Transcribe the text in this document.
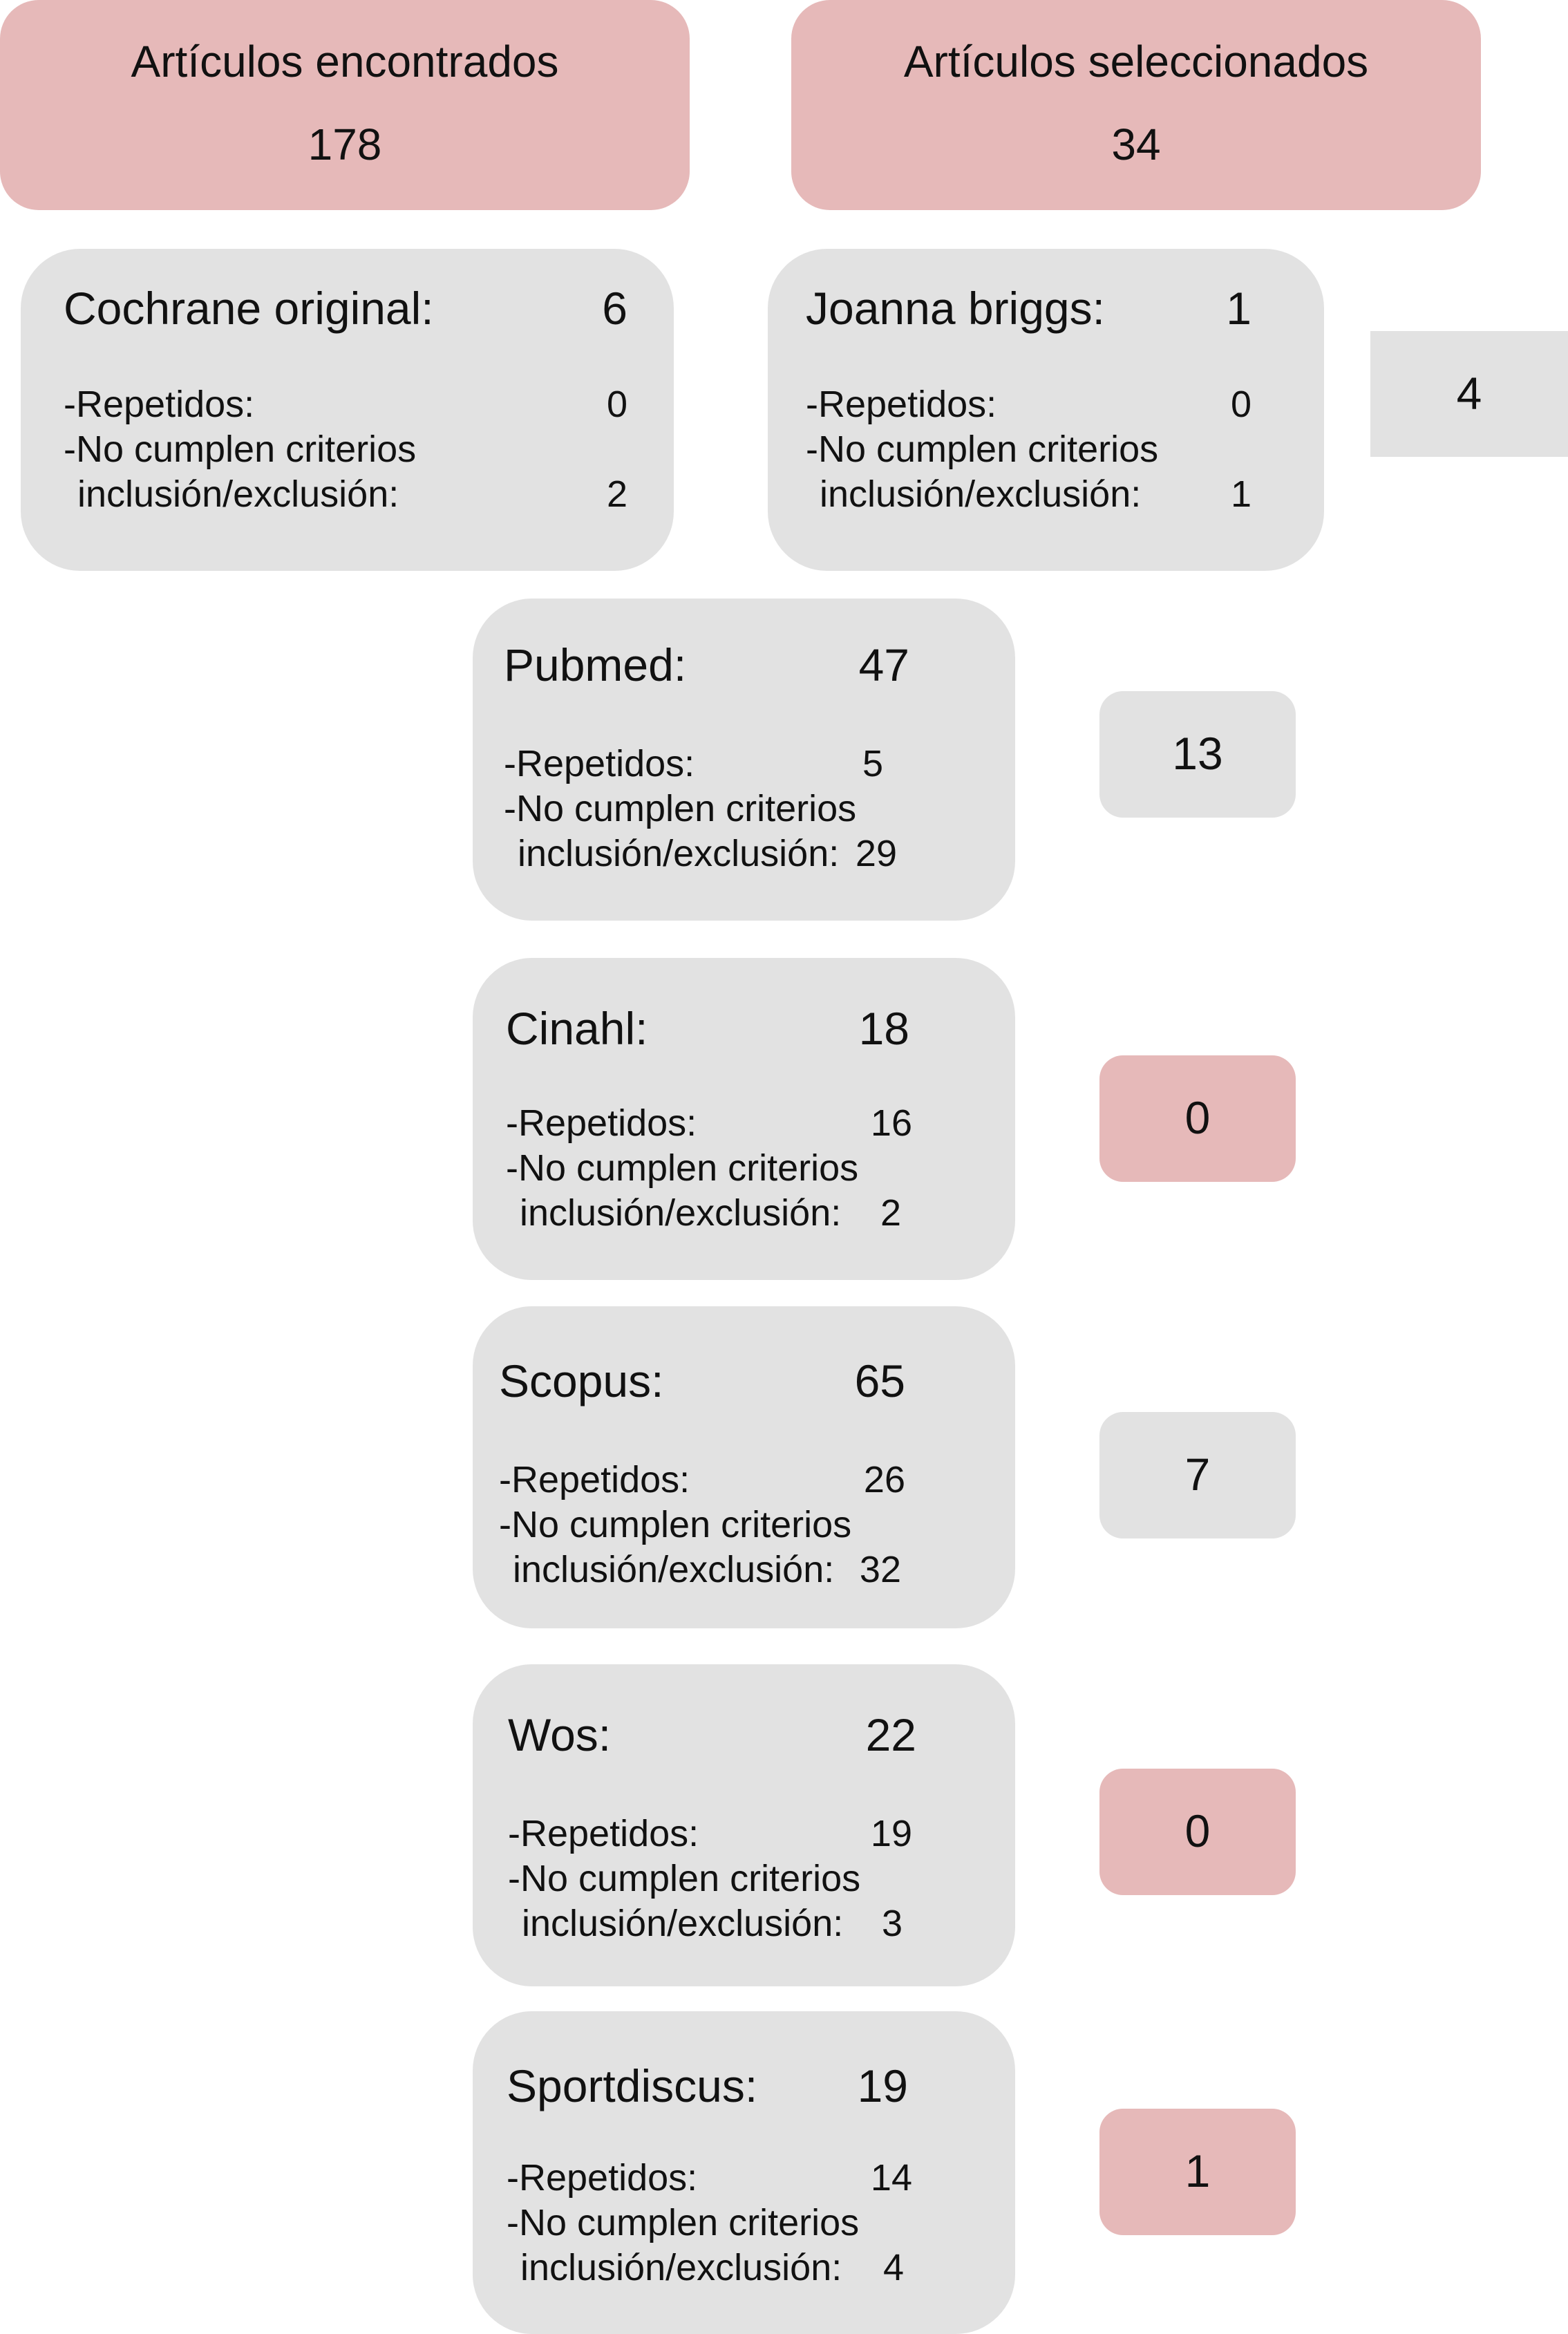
Artículos encontrados
178
Artículos seleccionados
34
Cochrane original:	6
-Repetidos:	0
-No cumplen criterios
inclusión/exclusión:	2
Joanna briggs:	1
-Repetidos:	0
-No cumplen criterios
inclusión/exclusión:	1
4
Pubmed:	47
-Repetidos:	5
-No cumplen criterios
inclusión/exclusión: 29
13
Cinahl:	18
-Repetidos:	16
-No cumplen criterios
inclusión/exclusión:	2
0
Scopus:	65
-Repetidos:	26
-No cumplen criterios
inclusión/exclusión: 32
7
Wos:	22
-Repetidos:	19
-No cumplen criterios
inclusión/exclusión:	3
0
Sportdiscus:	19
-Repetidos:	14
-No cumplen criterios
inclusión/exclusión:	4
1
